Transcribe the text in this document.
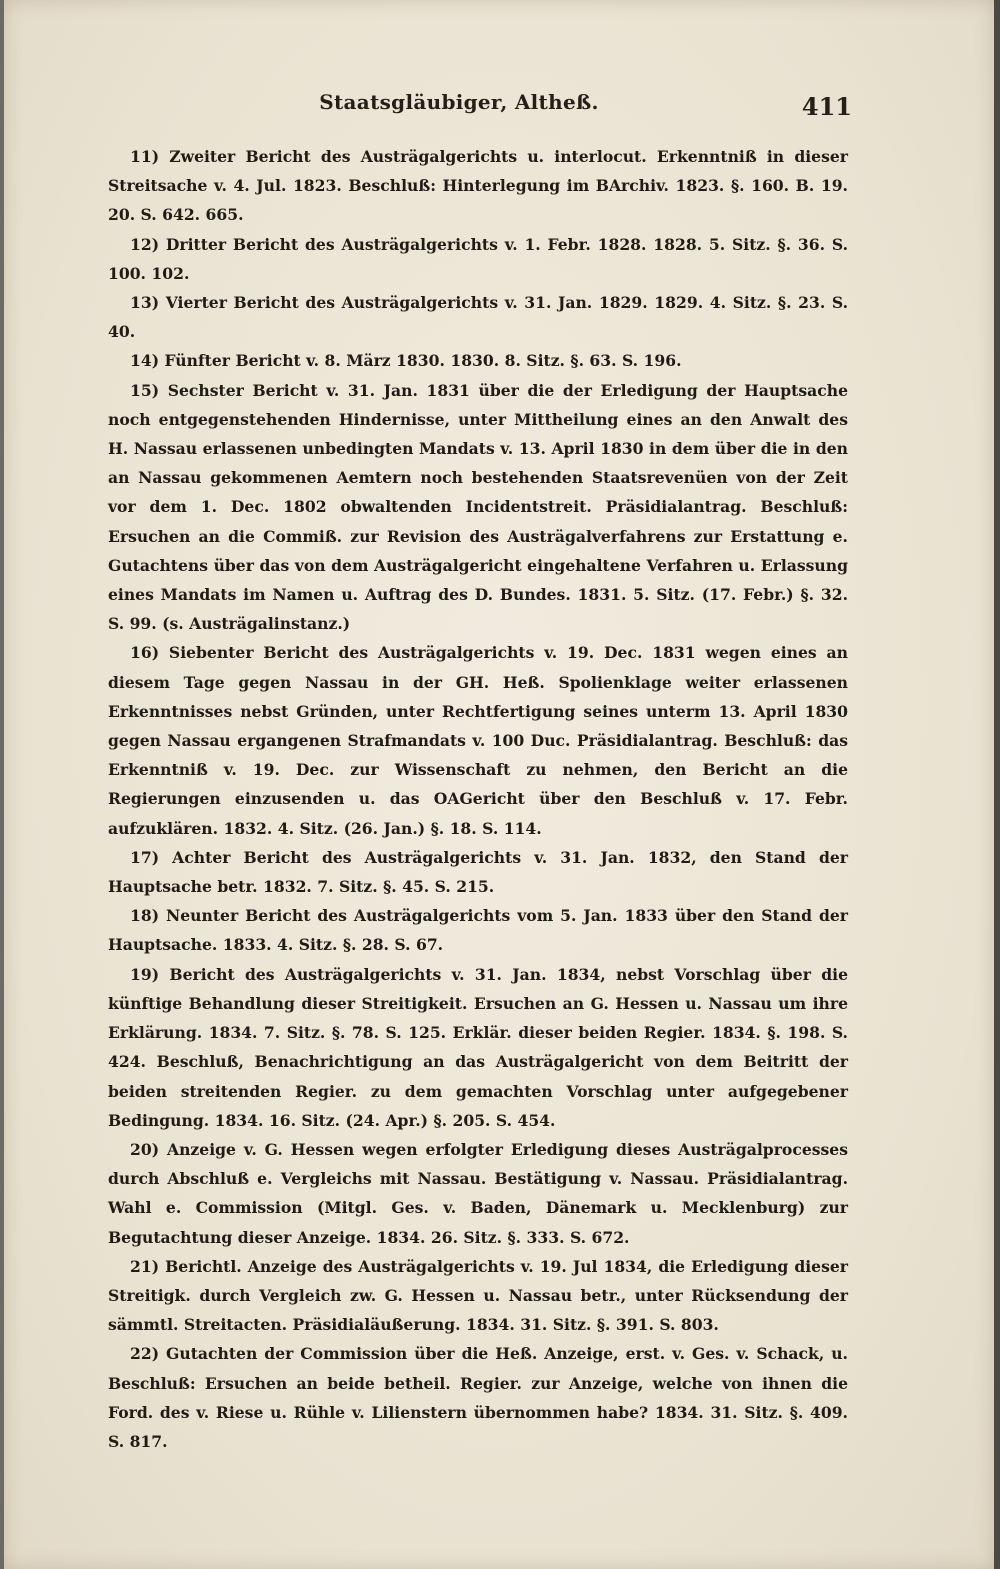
Staatsgläubiger, Altheß.	411

11) Zweiter Bericht des Austrägalgerichts u. interlocut. Erkenntniß in dieser Streitsache v. 4. Jul. 1823. Beschluß: Hinterlegung im BArchiv. 1823. §. 160. B. 19. 20. S. 642. 665.

12) Dritter Bericht des Austrägalgerichts v. 1. Febr. 1828. 1828. 5. Sitz. §. 36. S. 100. 102.

13) Vierter Bericht des Austrägalgerichts v. 31. Jan. 1829. 1829. 4. Sitz. §. 23. S. 40.

14) Fünfter Bericht v. 8. März 1830. 1830. 8. Sitz. §. 63. S. 196.

15) Sechster Bericht v. 31. Jan. 1831 über die der Erledigung der Hauptsache noch entgegenstehenden Hindernisse, unter Mittheilung eines an den Anwalt des H. Nassau erlassenen unbedingten Mandats v. 13. April 1830 in dem über die in den an Nassau gekommenen Aemtern noch bestehenden Staatsrevenüen von der Zeit vor dem 1. Dec. 1802 obwaltenden Incidentstreit. Präsidialantrag. Beschluß: Ersuchen an die Commiß. zur Revision des Austrägalverfahrens zur Erstattung e. Gutachtens über das von dem Austrägalgericht eingehaltene Verfahren u. Erlassung eines Mandats im Namen u. Auftrag des D. Bundes. 1831. 5. Sitz. (17. Febr.) §. 32. S. 99. (s. Austrägalinstanz.)

16) Siebenter Bericht des Austrägalgerichts v. 19. Dec. 1831 wegen eines an diesem Tage gegen Nassau in der GH. Heß. Spolienklage weiter erlassenen Erkenntnisses nebst Gründen, unter Rechtfertigung seines unterm 13. April 1830 gegen Nassau ergangenen Strafmandats v. 100 Duc. Präsidialantrag. Beschluß: das Erkenntniß v. 19. Dec. zur Wissenschaft zu nehmen, den Bericht an die Regierungen einzusenden u. das OAGericht über den Beschluß v. 17. Febr. aufzuklären. 1832. 4. Sitz. (26. Jan.) §. 18. S. 114.

17) Achter Bericht des Austrägalgerichts v. 31. Jan. 1832, den Stand der Hauptsache betr. 1832. 7. Sitz. §. 45. S. 215.

18) Neunter Bericht des Austrägalgerichts vom 5. Jan. 1833 über den Stand der Hauptsache. 1833. 4. Sitz. §. 28. S. 67.

19) Bericht des Austrägalgerichts v. 31. Jan. 1834, nebst Vorschlag über die künftige Behandlung dieser Streitigkeit. Ersuchen an G. Hessen u. Nassau um ihre Erklärung. 1834. 7. Sitz. §. 78. S. 125. Erklär. dieser beiden Regier. 1834. §. 198. S. 424. Beschluß, Benachrichtigung an das Austrägalgericht von dem Beitritt der beiden streitenden Regier. zu dem gemachten Vorschlag unter aufgegebener Bedingung. 1834. 16. Sitz. (24. Apr.) §. 205. S. 454.

20) Anzeige v. G. Hessen wegen erfolgter Erledigung dieses Austrägalprocesses durch Abschluß e. Vergleichs mit Nassau. Bestätigung v. Nassau. Präsidialantrag. Wahl e. Commission (Mitgl. Ges. v. Baden, Dänemark u. Mecklenburg) zur Begutachtung dieser Anzeige. 1834. 26. Sitz. §. 333. S. 672.

21) Berichtl. Anzeige des Austrägalgerichts v. 19. Jul 1834, die Erledigung dieser Streitigk. durch Vergleich zw. G. Hessen u. Nassau betr., unter Rücksendung der sämmtl. Streitacten. Präsidialäußerung. 1834. 31. Sitz. §. 391. S. 803.

22) Gutachten der Commission über die Heß. Anzeige, erst. v. Ges. v. Schack, u. Beschluß: Ersuchen an beide betheil. Regier. zur Anzeige, welche von ihnen die Ford. des v. Riese u. Rühle v. Lilienstern übernommen habe? 1834. 31. Sitz. §. 409. S. 817.
